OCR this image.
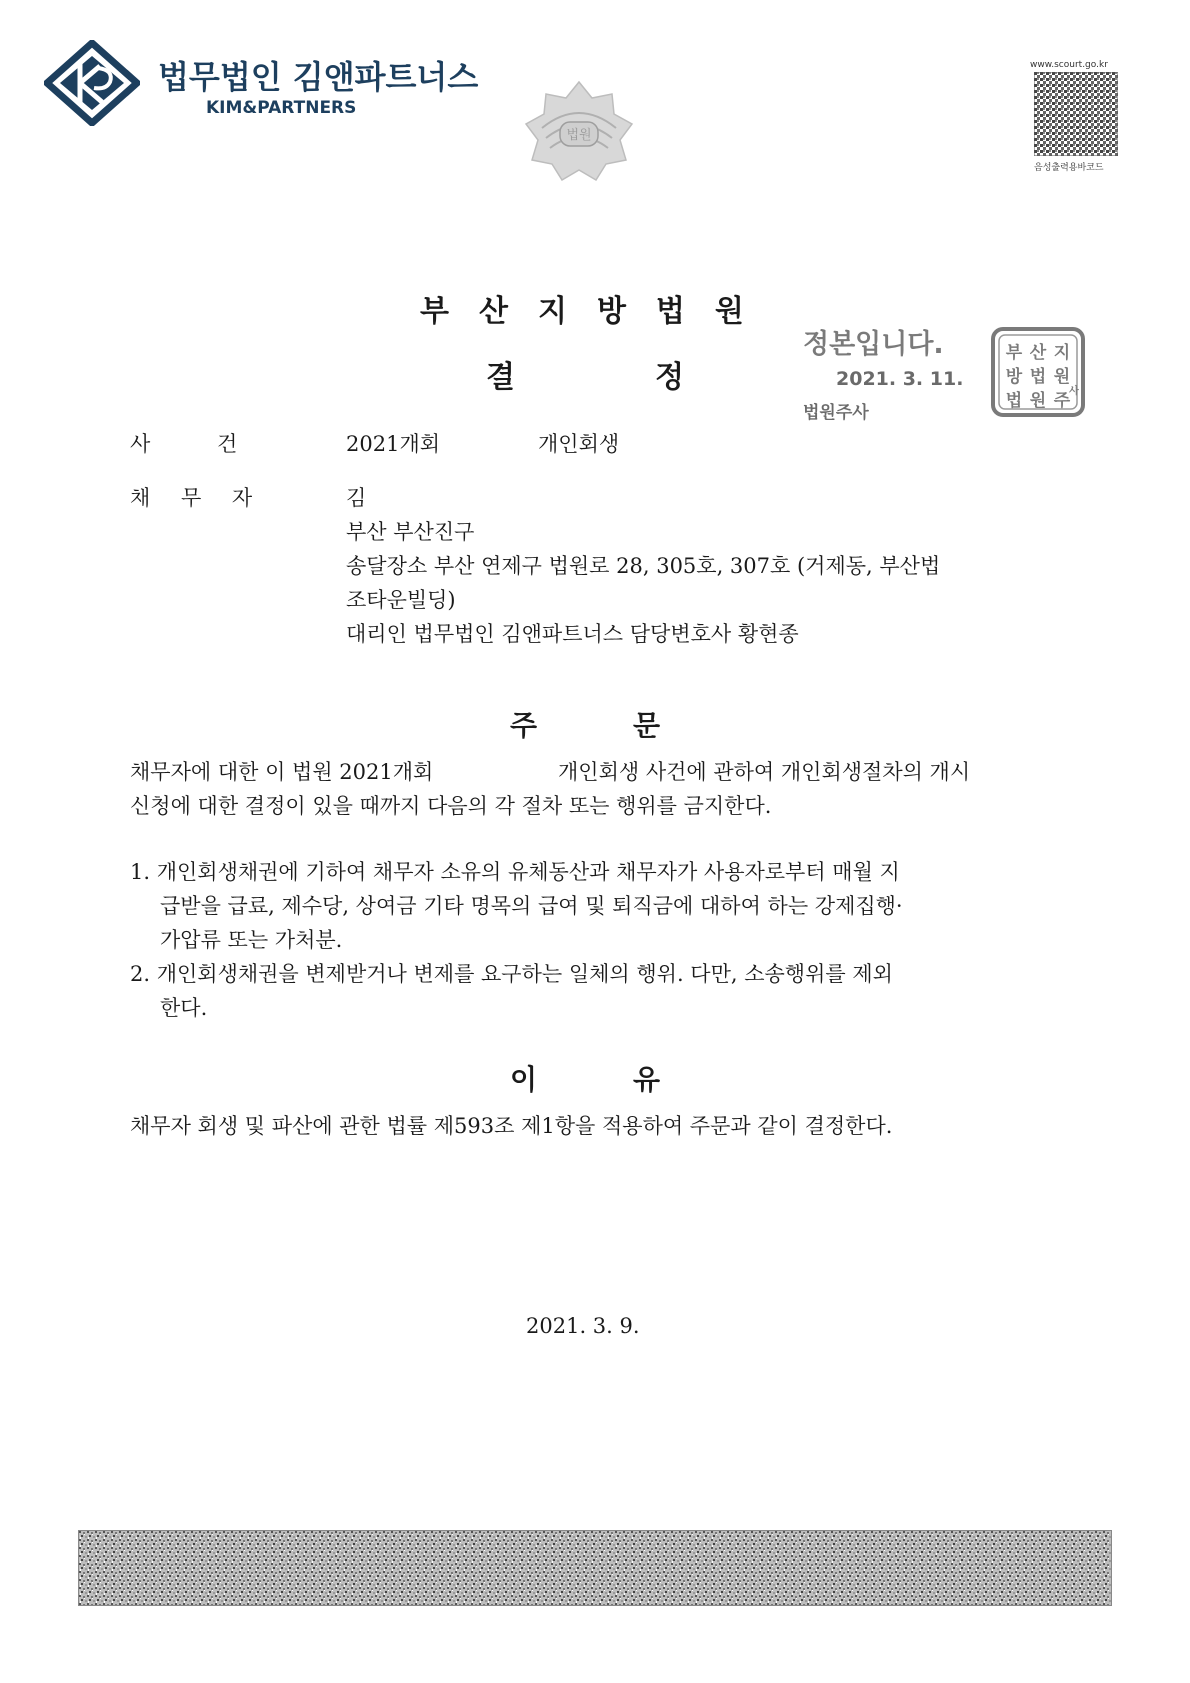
법무법인 김앤파트너스
KIM&PARTNERS
법원
www.scourt.go.kr
음성출력용바코드
부산지방법원
결정
정본입니다.
2021. 3. 11.
법원주사
부 산 지
방 법 원
법 원 주
사
사 건	2021개회	개인회생
채 무 자	김
부산 부산진구
송달장소 부산 연제구 법원로 28, 305호, 307호 (거제동, 부산법
조타운빌딩)
대리인 법무법인 김앤파트너스 담당변호사 황현종
주문
채무자에 대한 이 법원 2021개회	개인회생 사건에 관하여 개인회생절차의 개시
신청에 대한 결정이 있을 때까지 다음의 각 절차 또는 행위를 금지한다.
1. 개인회생채권에 기하여 채무자 소유의 유체동산과 채무자가 사용자로부터 매월 지
급받을 급료, 제수당, 상여금 기타 명목의 급여 및 퇴직금에 대하여 하는 강제집행·
가압류 또는 가처분.
2. 개인회생채권을 변제받거나 변제를 요구하는 일체의 행위. 다만, 소송행위를 제외
한다.
이유
채무자 회생 및 파산에 관한 법률 제593조 제1항을 적용하여 주문과 같이 결정한다.
2021. 3. 9.
